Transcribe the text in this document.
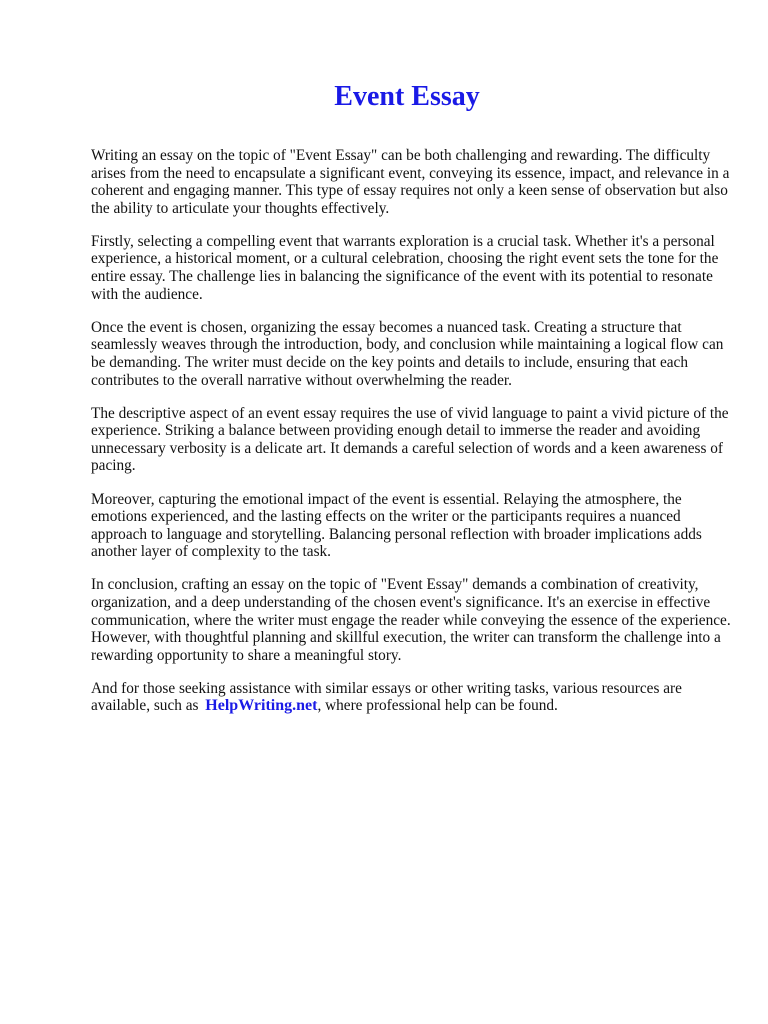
Event Essay

Writing an essay on the topic of "Event Essay" can be both challenging and rewarding. The difficulty arises from the need to encapsulate a significant event, conveying its essence, impact, and relevance in a coherent and engaging manner. This type of essay requires not only a keen sense of observation but also the ability to articulate your thoughts effectively.

Firstly, selecting a compelling event that warrants exploration is a crucial task. Whether it's a personal experience, a historical moment, or a cultural celebration, choosing the right event sets the tone for the entire essay. The challenge lies in balancing the significance of the event with its potential to resonate with the audience.

Once the event is chosen, organizing the essay becomes a nuanced task. Creating a structure that seamlessly weaves through the introduction, body, and conclusion while maintaining a logical flow can be demanding. The writer must decide on the key points and details to include, ensuring that each contributes to the overall narrative without overwhelming the reader.

The descriptive aspect of an event essay requires the use of vivid language to paint a vivid picture of the experience. Striking a balance between providing enough detail to immerse the reader and avoiding unnecessary verbosity is a delicate art. It demands a careful selection of words and a keen awareness of pacing.

Moreover, capturing the emotional impact of the event is essential. Relaying the atmosphere, the emotions experienced, and the lasting effects on the writer or the participants requires a nuanced approach to language and storytelling. Balancing personal reflection with broader implications adds another layer of complexity to the task.

In conclusion, crafting an essay on the topic of "Event Essay" demands a combination of creativity, organization, and a deep understanding of the chosen event's significance. It's an exercise in effective communication, where the writer must engage the reader while conveying the essence of the experience. However, with thoughtful planning and skillful execution, the writer can transform the challenge into a rewarding opportunity to share a meaningful story.

And for those seeking assistance with similar essays or other writing tasks, various resources are available, such as HelpWriting.net, where professional help can be found.
